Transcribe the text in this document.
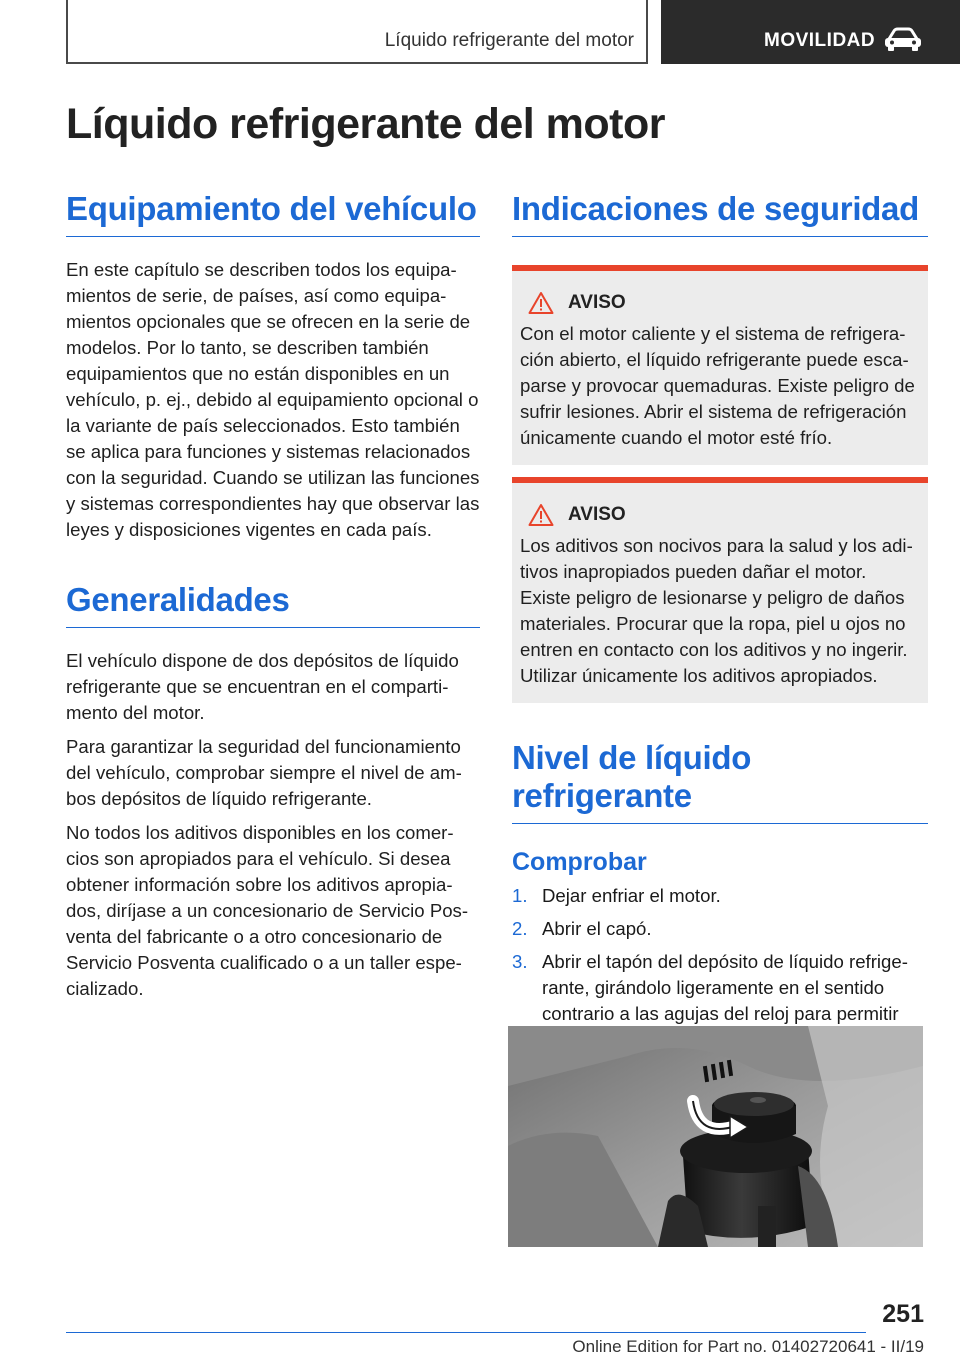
Líquido refrigerante del motor	MOVILIDAD
Líquido refrigerante del motor
Equipamiento del vehículo

En este capítulo se describen todos los equipamientos de serie, de países, así como equipamientos opcionales que se ofrecen en la serie de modelos. Por lo tanto, se describen también equipamientos que no están disponibles en un vehículo, p. ej., debido al equipamiento opcional o la variante de país seleccionados. Esto también se aplica para funciones y sistemas relacionados con la seguridad. Cuando se utilizan las funciones y sistemas correspondientes hay que observar las leyes y disposiciones vigentes en cada país.

Generalidades

El vehículo dispone de dos depósitos de líquido refrigerante que se encuentran en el compartimento del motor.

Para garantizar la seguridad del funcionamiento del vehículo, comprobar siempre el nivel de ambos depósitos de líquido refrigerante.

No todos los aditivos disponibles en los comercios son apropiados para el vehículo. Si desea obtener información sobre los aditivos apropiados, diríjase a un concesionario de Servicio Posventa del fabricante o a otro concesionario de Servicio Posventa cualificado o a un taller especializado.

Indicaciones de seguridad
AVISO

Con el motor caliente y el sistema de refrigeración abierto, el líquido refrigerante puede escaparse y provocar quemaduras. Existe peligro de sufrir lesiones. Abrir el sistema de refrigeración únicamente cuando el motor esté frío.

AVISO

Los aditivos son nocivos para la salud y los aditivos inapropiados pueden dañar el motor. Existe peligro de lesionarse y peligro de daños materiales. Procurar que la ropa, piel u ojos no entren en contacto con los aditivos y no ingerir. Utilizar únicamente los aditivos apropiados.

Nivel de líquido refrigerante
Comprobar
1. Dejar enfriar el motor.
2. Abrir el capó.
3. Abrir el tapón del depósito de líquido refrigerante, girándolo ligeramente en el sentido contrario a las agujas del reloj para permitir
251
Online Edition for Part no. 01402720641 - II/19
